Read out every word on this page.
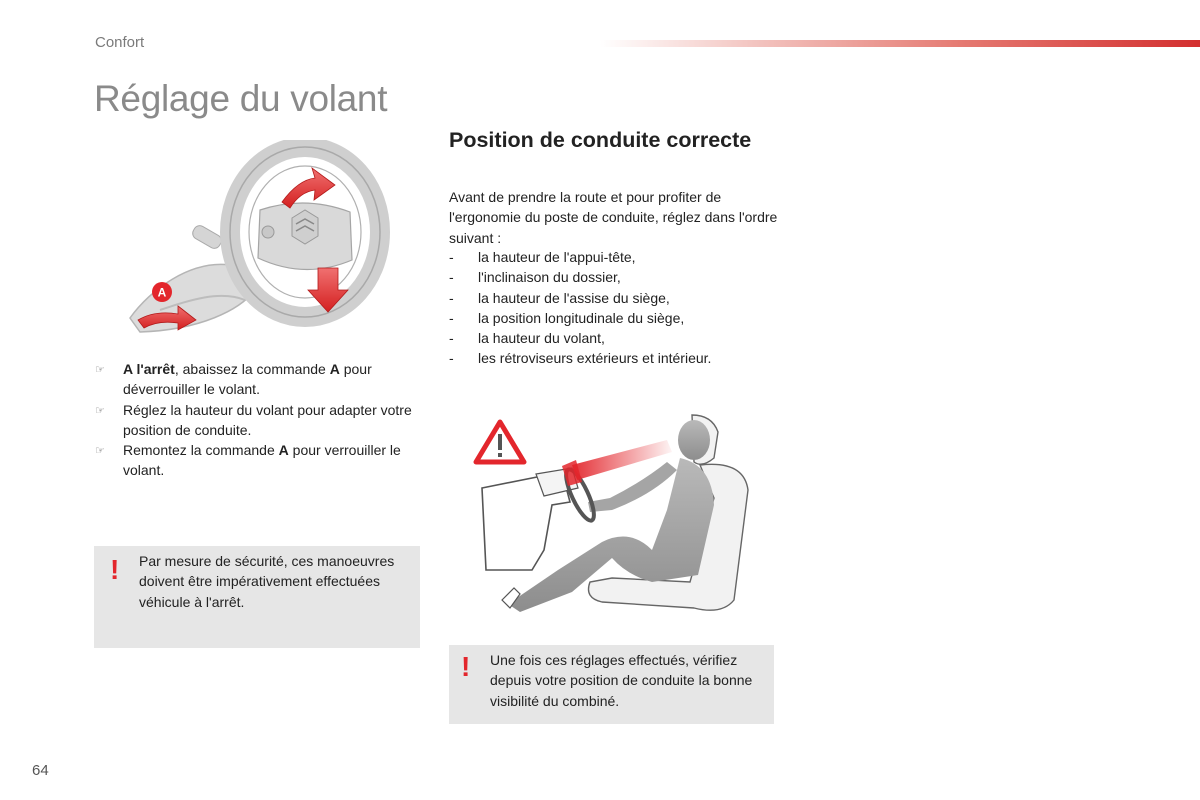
Confort
Réglage du volant
A
☞	A l'arrêt, abaissez la commande A pour déverrouiller le volant.
☞	Réglez la hauteur du volant pour adapter votre position de conduite.
☞	Remontez la commande A pour verrouiller le volant.
! Par mesure de sécurité, ces manoeuvres doivent être impérativement effectuées véhicule à l'arrêt.
Position de conduite correcte
Avant de prendre la route et pour profiter de l'ergonomie du poste de conduite, réglez dans l'ordre suivant :
-	la hauteur de l'appui-tête,
-	l'inclinaison du dossier,
-	la hauteur de l'assise du siège,
-	la position longitudinale du siège,
-	la hauteur du volant,
-	les rétroviseurs extérieurs et intérieur.
! Une fois ces réglages effectués, vérifiez depuis votre position de conduite la bonne visibilité du combiné.
64
